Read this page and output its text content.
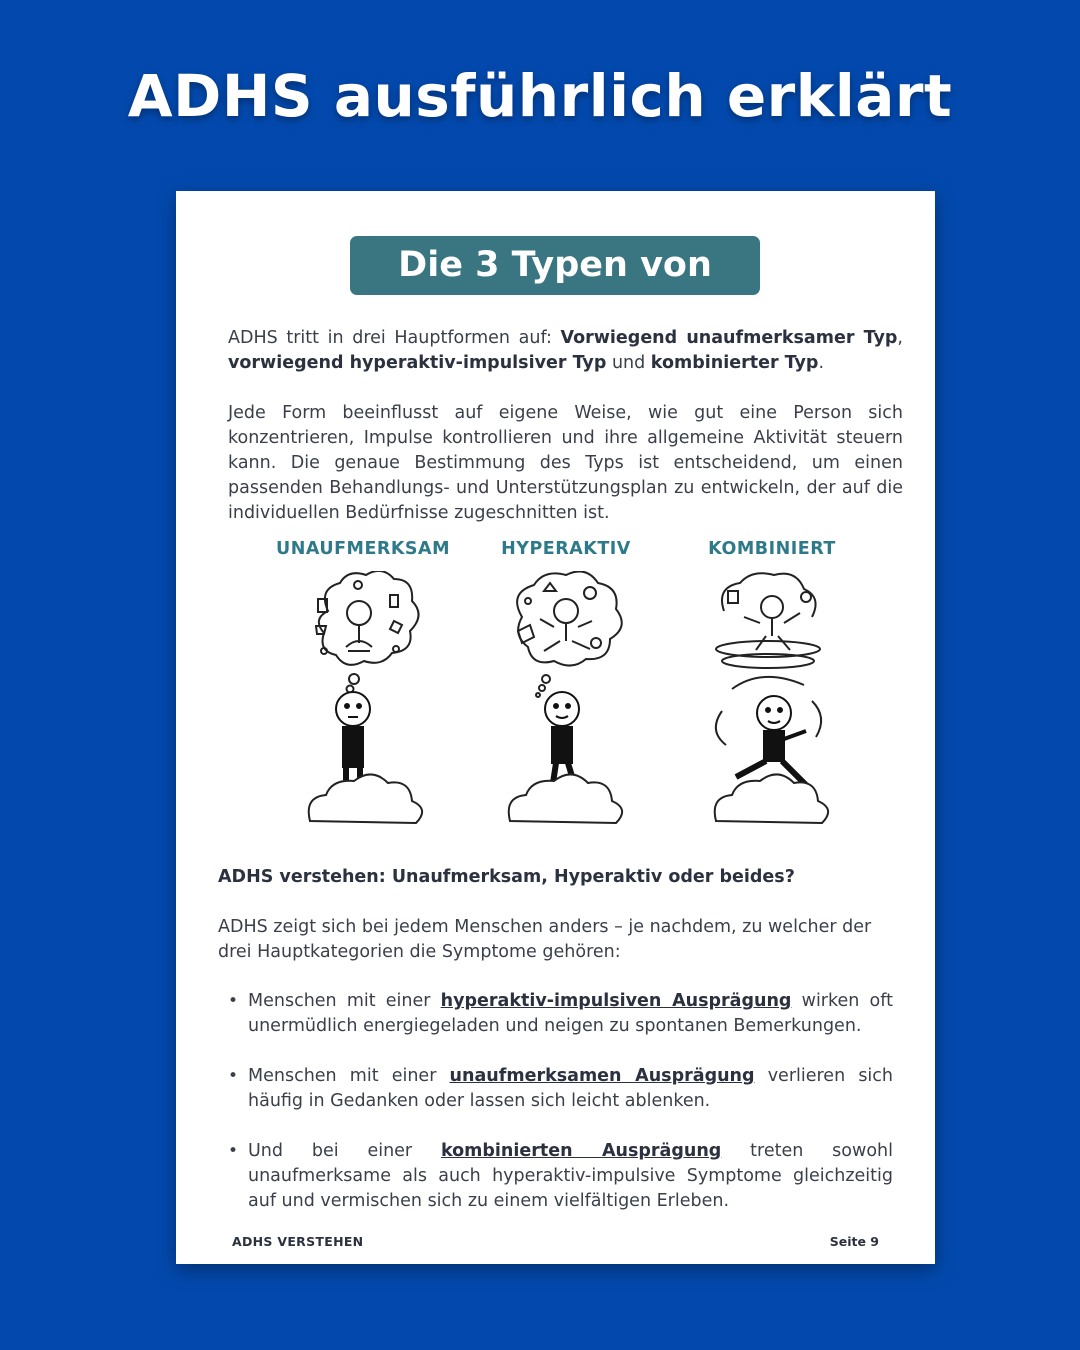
ADHS ausführlich erklärt
Die 3 Typen von ADHS

ADHS tritt in drei Hauptformen auf: Vorwiegend unaufmerksamer Typ, vorwiegend hyperaktiv-impulsiver Typ und kombinierter Typ.

Jede Form beeinflusst auf eigene Weise, wie gut eine Person sich konzentrieren, Impulse kontrollieren und ihre allgemeine Aktivität steuern kann. Die genaue Bestimmung des Typs ist entscheidend, um einen passenden Behandlungs- und Unterstützungsplan zu entwickeln, der auf die individuellen Bedürfnisse zugeschnitten ist.

UNAUFMERKSAM	HYPERAKTIV	KOMBINIERT
ADHS verstehen: Unaufmerksam, Hyperaktiv oder beides?

ADHS zeigt sich bei jedem Menschen anders – je nachdem, zu welcher der drei Hauptkategorien die Symptome gehören:

• Menschen mit einer hyperaktiv-impulsiven Ausprägung wirken oft unermüdlich energiegeladen und neigen zu spontanen Bemerkungen.
• Menschen mit einer unaufmerksamen Ausprägung verlieren sich häufig in Gedanken oder lassen sich leicht ablenken.
• Und bei einer kombinierten Ausprägung treten sowohl unaufmerksame als auch hyperaktiv-impulsive Symptome gleichzeitig auf und vermischen sich zu einem vielfältigen Erleben.
ADHS VERSTEHEN	Seite 9
